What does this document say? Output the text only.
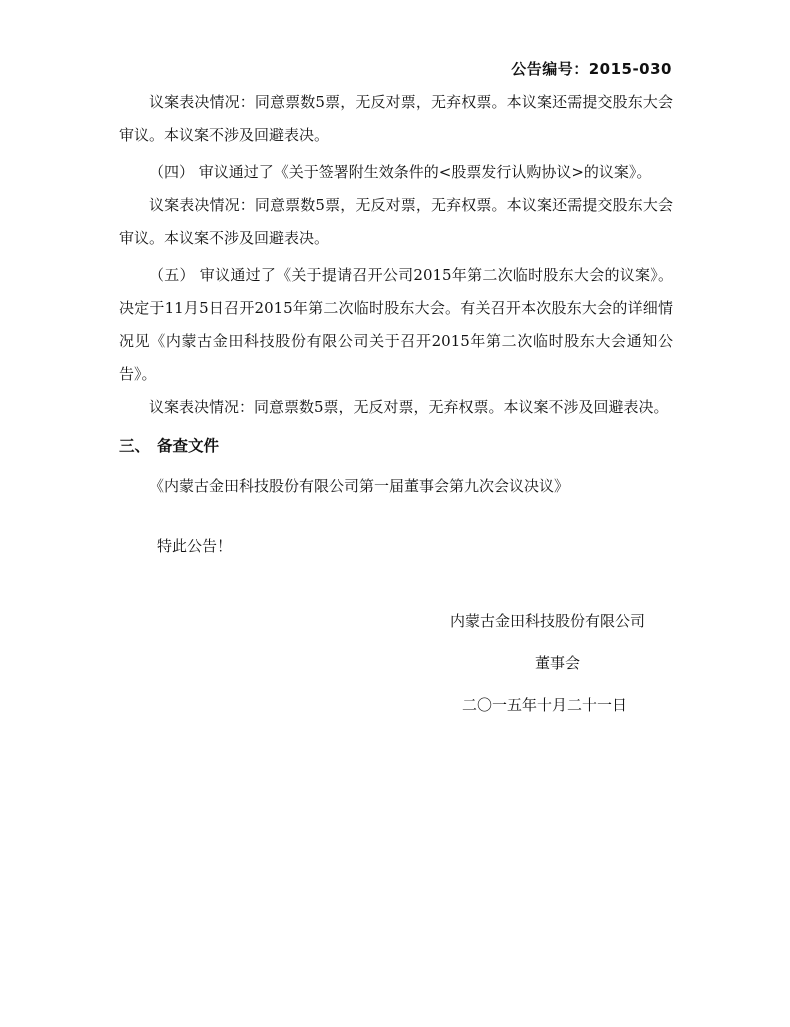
公告编号：2015-030

议案表决情况：同意票数5票，无反对票，无弃权票。本议案还需提交股东大会审议。本议案不涉及回避表决。

（四） 审议通过了《关于签署附生效条件的<股票发行认购协议>的议案》。

议案表决情况：同意票数5票，无反对票，无弃权票。本议案还需提交股东大会审议。本议案不涉及回避表决。

（五） 审议通过了《关于提请召开公司2015年第二次临时股东大会的议案》。决定于11月5日召开2015年第二次临时股东大会。有关召开本次股东大会的详细情况见《内蒙古金田科技股份有限公司关于召开2015年第二次临时股东大会通知公告》。

议案表决情况：同意票数5票，无反对票，无弃权票。本议案不涉及回避表决。

三、 备查文件

《内蒙古金田科技股份有限公司第一届董事会第九次会议决议》

特此公告！

内蒙古金田科技股份有限公司
董事会
二〇一五年十月二十一日
